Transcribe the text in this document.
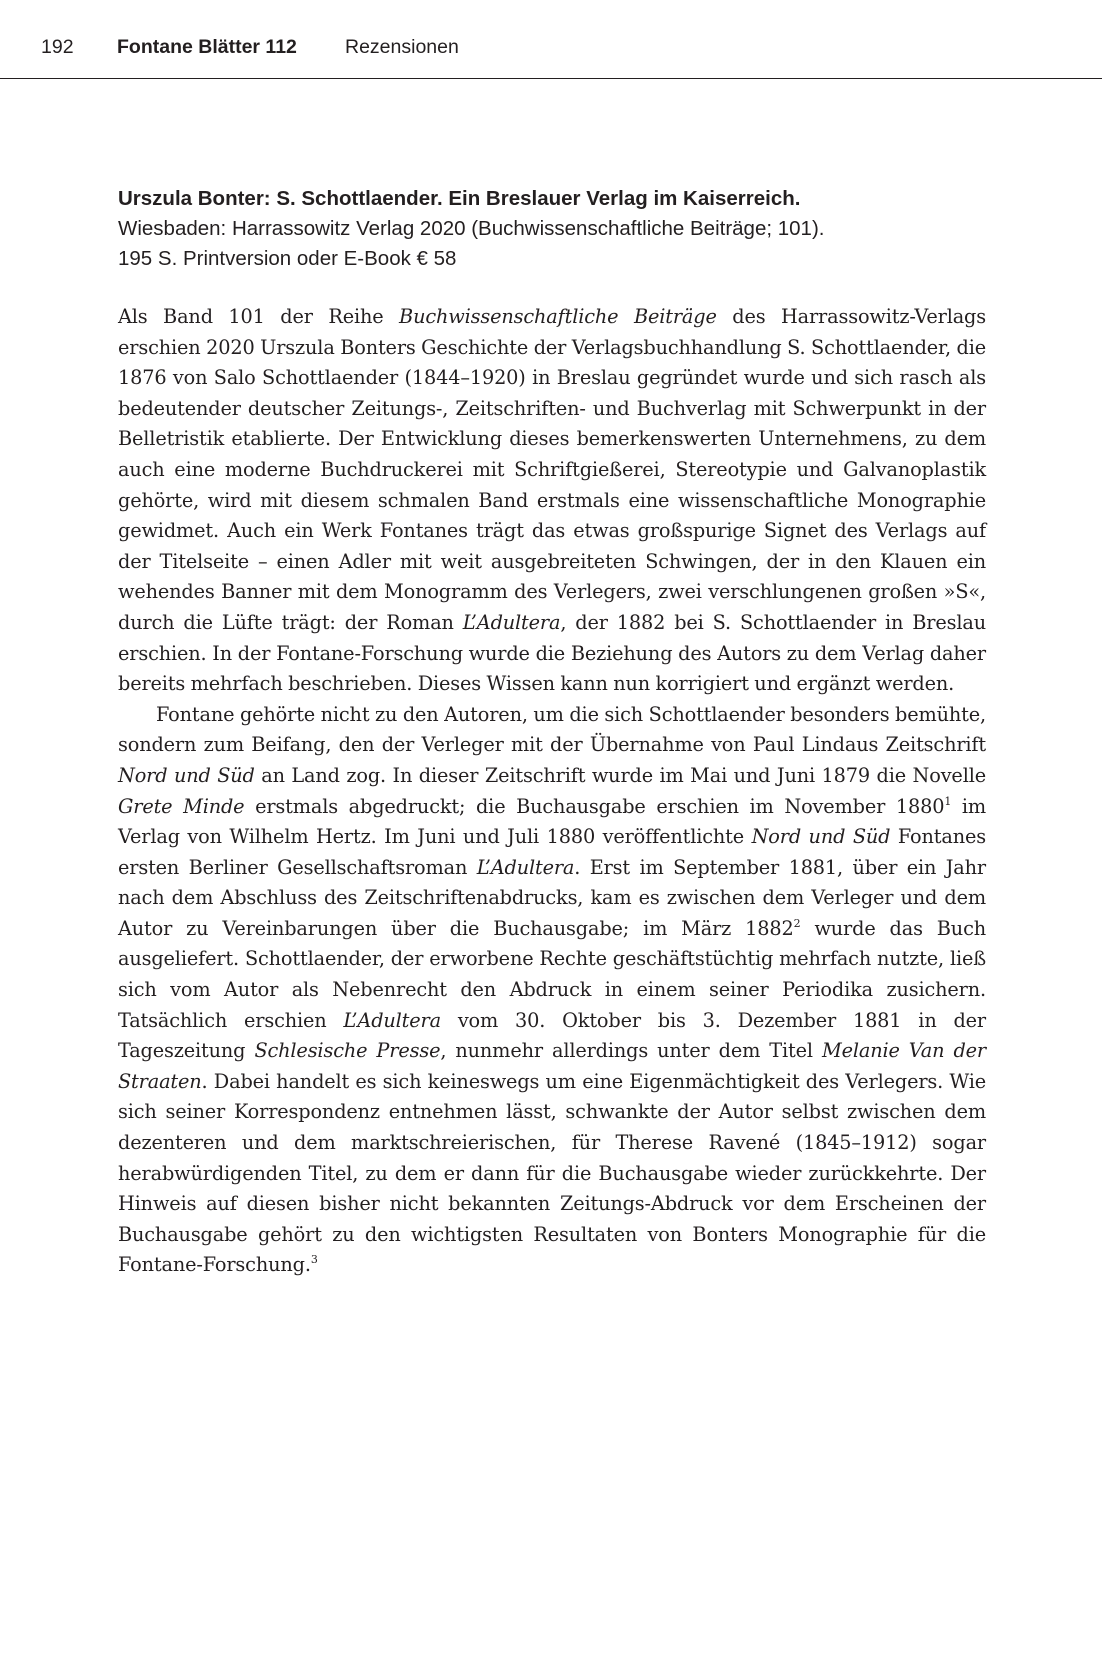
192 Fontane Blätter 112 Rezensionen
Urszula Bonter: S. Schottlaender. Ein Breslauer Verlag im Kaiserreich.
Wiesbaden: Harrassowitz Verlag 2020 (Buchwissenschaftliche Beiträge; 101).
195 S. Printversion oder E-Book € 58

Als Band 101 der Reihe Buchwissenschaftliche Beiträge des Harrassowitz-Verlags erschien 2020 Urszula Bonters Geschichte der Verlagsbuchhandlung S. Schottlaender, die 1876 von Salo Schottlaender (1844–1920) in Breslau gegründet wurde und sich rasch als bedeutender deutscher Zeitungs-, Zeitschriften- und Buchverlag mit Schwerpunkt in der Belletristik etablierte. Der Entwicklung dieses bemerkenswerten Unternehmens, zu dem auch eine moderne Buchdruckerei mit Schriftgießerei, Stereotypie und Galvanoplastik gehörte, wird mit diesem schmalen Band erstmals eine wissenschaftliche Monographie gewidmet. Auch ein Werk Fontanes trägt das etwas großspurige Signet des Verlags auf der Titelseite – einen Adler mit weit ausgebreiteten Schwingen, der in den Klauen ein wehendes Banner mit dem Monogramm des Verlegers, zwei verschlungenen großen »S«, durch die Lüfte trägt: der Roman L’Adultera, der 1882 bei S. Schottlaender in Breslau erschien. In der Fontane-Forschung wurde die Beziehung des Autors zu dem Verlag daher bereits mehrfach beschrieben. Dieses Wissen kann nun korrigiert und ergänzt werden.

Fontane gehörte nicht zu den Autoren, um die sich Schottlaender besonders bemühte, sondern zum Beifang, den der Verleger mit der Übernahme von Paul Lindaus Zeitschrift Nord und Süd an Land zog. In dieser Zeitschrift wurde im Mai und Juni 1879 die Novelle Grete Minde erstmals abgedruckt; die Buchausgabe erschien im November 1880$^1$ im Verlag von Wilhelm Hertz. Im Juni und Juli 1880 veröffentlichte Nord und Süd Fontanes ersten Berliner Gesellschaftsroman L’Adultera. Erst im September 1881, über ein Jahr nach dem Abschluss des Zeitschriftenabdrucks, kam es zwischen dem Verleger und dem Autor zu Vereinbarungen über die Buchausgabe; im März 1882$^2$ wurde das Buch ausgeliefert. Schottlaender, der erworbene Rechte geschäftstüchtig mehrfach nutzte, ließ sich vom Autor als Nebenrecht den Abdruck in einem seiner Periodika zusichern. Tatsächlich erschien L’Adultera vom 30. Oktober bis 3. Dezember 1881 in der Tageszeitung Schlesische Presse, nunmehr allerdings unter dem Titel Melanie Van der Straaten. Dabei handelt es sich keineswegs um eine Eigenmächtigkeit des Verlegers. Wie sich seiner Korrespondenz entnehmen lässt, schwankte der Autor selbst zwischen dem dezenteren und dem marktschreierischen, für Therese Ravené (1845–1912) sogar herabwürdigenden Titel, zu dem er dann für die Buchausgabe wieder zurückkehrte. Der Hinweis auf diesen bisher nicht bekannten Zeitungs-Abdruck vor dem Erscheinen der Buchausgabe gehört zu den wichtigsten Resultaten von Bonters Monographie für die Fontane-Forschung.$^3$
